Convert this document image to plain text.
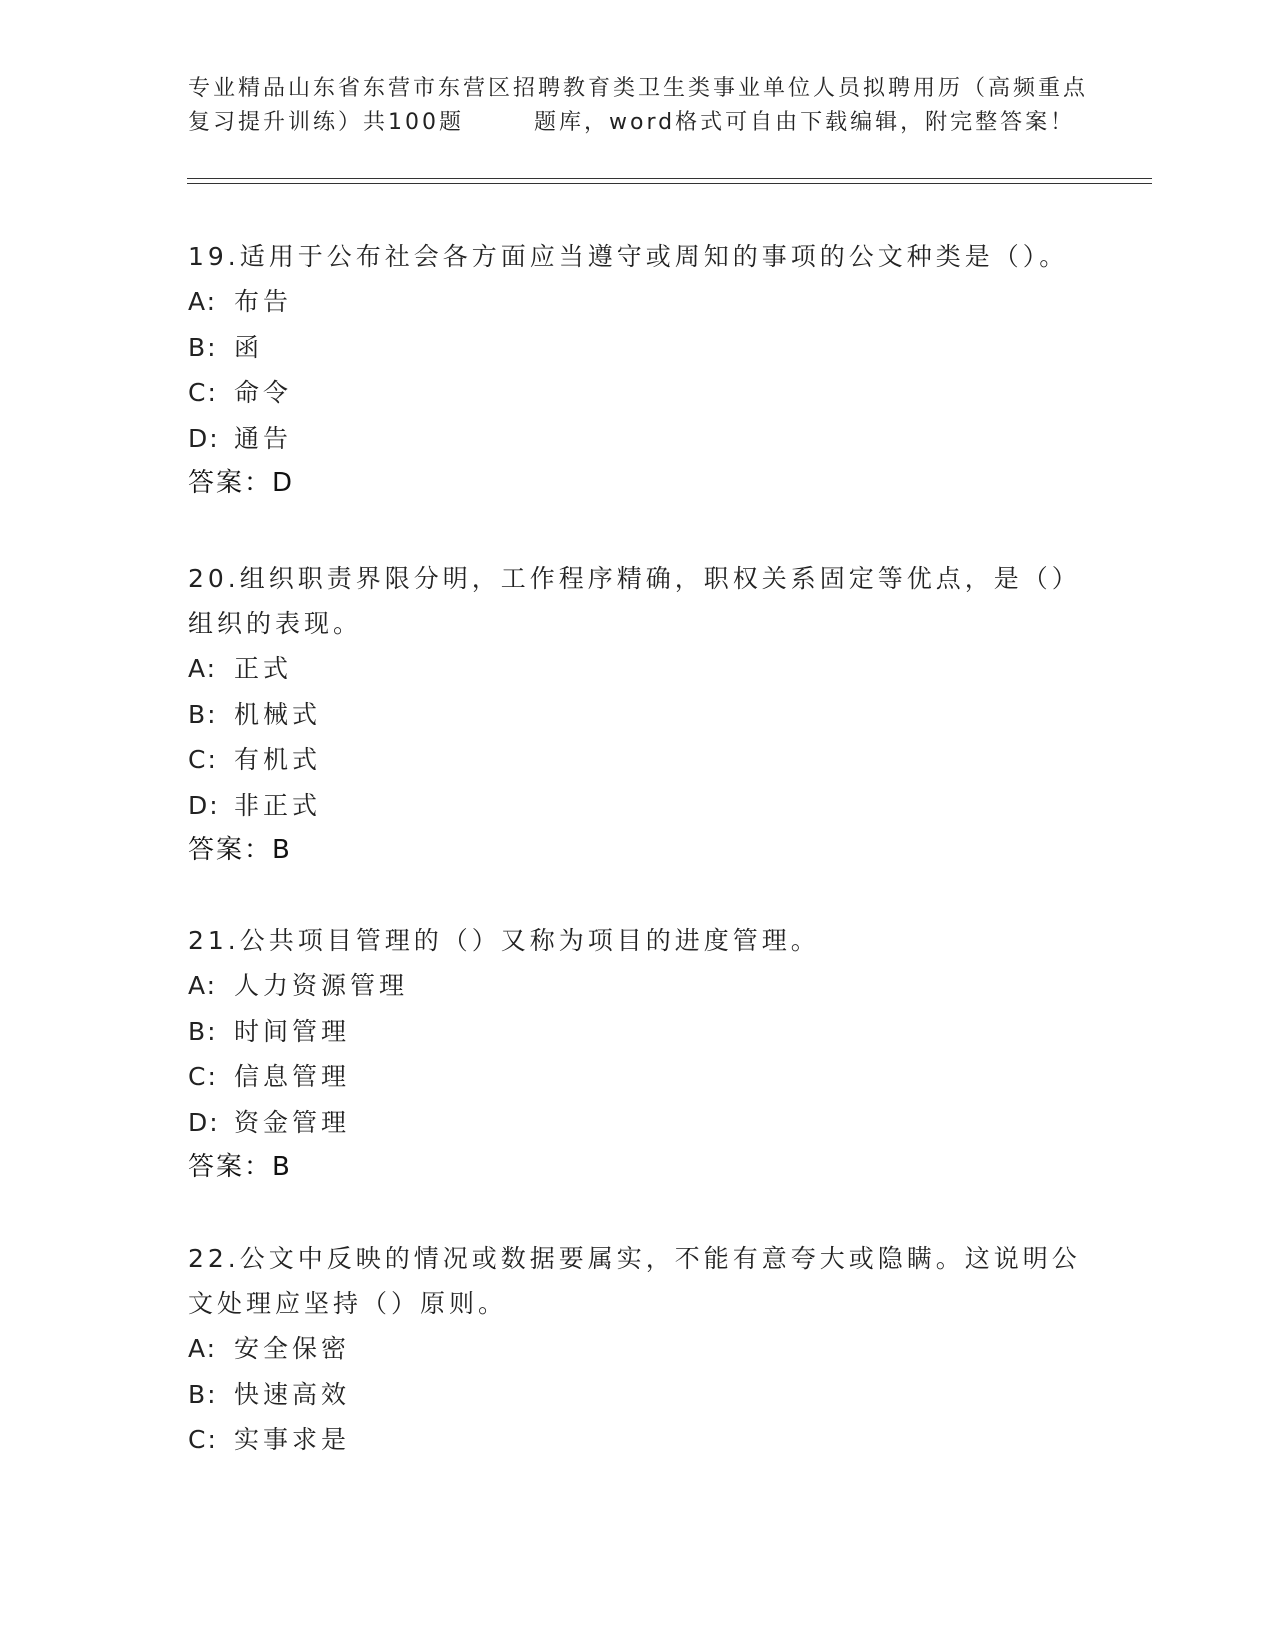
专业精品山东省东营市东营区招聘教育类卫生类事业单位人员拟聘用历（高频重点
复习提升训练）共100题	题库，word格式可自由下载编辑，附完整答案！

19.适用于公布社会各方面应当遵守或周知的事项的公文种类是（）。

A: 布告

B: 函

C: 命令

D: 通告

答案：D

20.组织职责界限分明，工作程序精确，职权关系固定等优点，是（）

组织的表现。

A: 正式

B: 机械式

C: 有机式

D: 非正式

答案：B

21.公共项目管理的（）又称为项目的进度管理。

A: 人力资源管理

B: 时间管理

C: 信息管理

D: 资金管理

答案：B

22.公文中反映的情况或数据要属实，不能有意夸大或隐瞒。这说明公

文处理应坚持（）原则。

A: 安全保密

B: 快速高效

C: 实事求是
